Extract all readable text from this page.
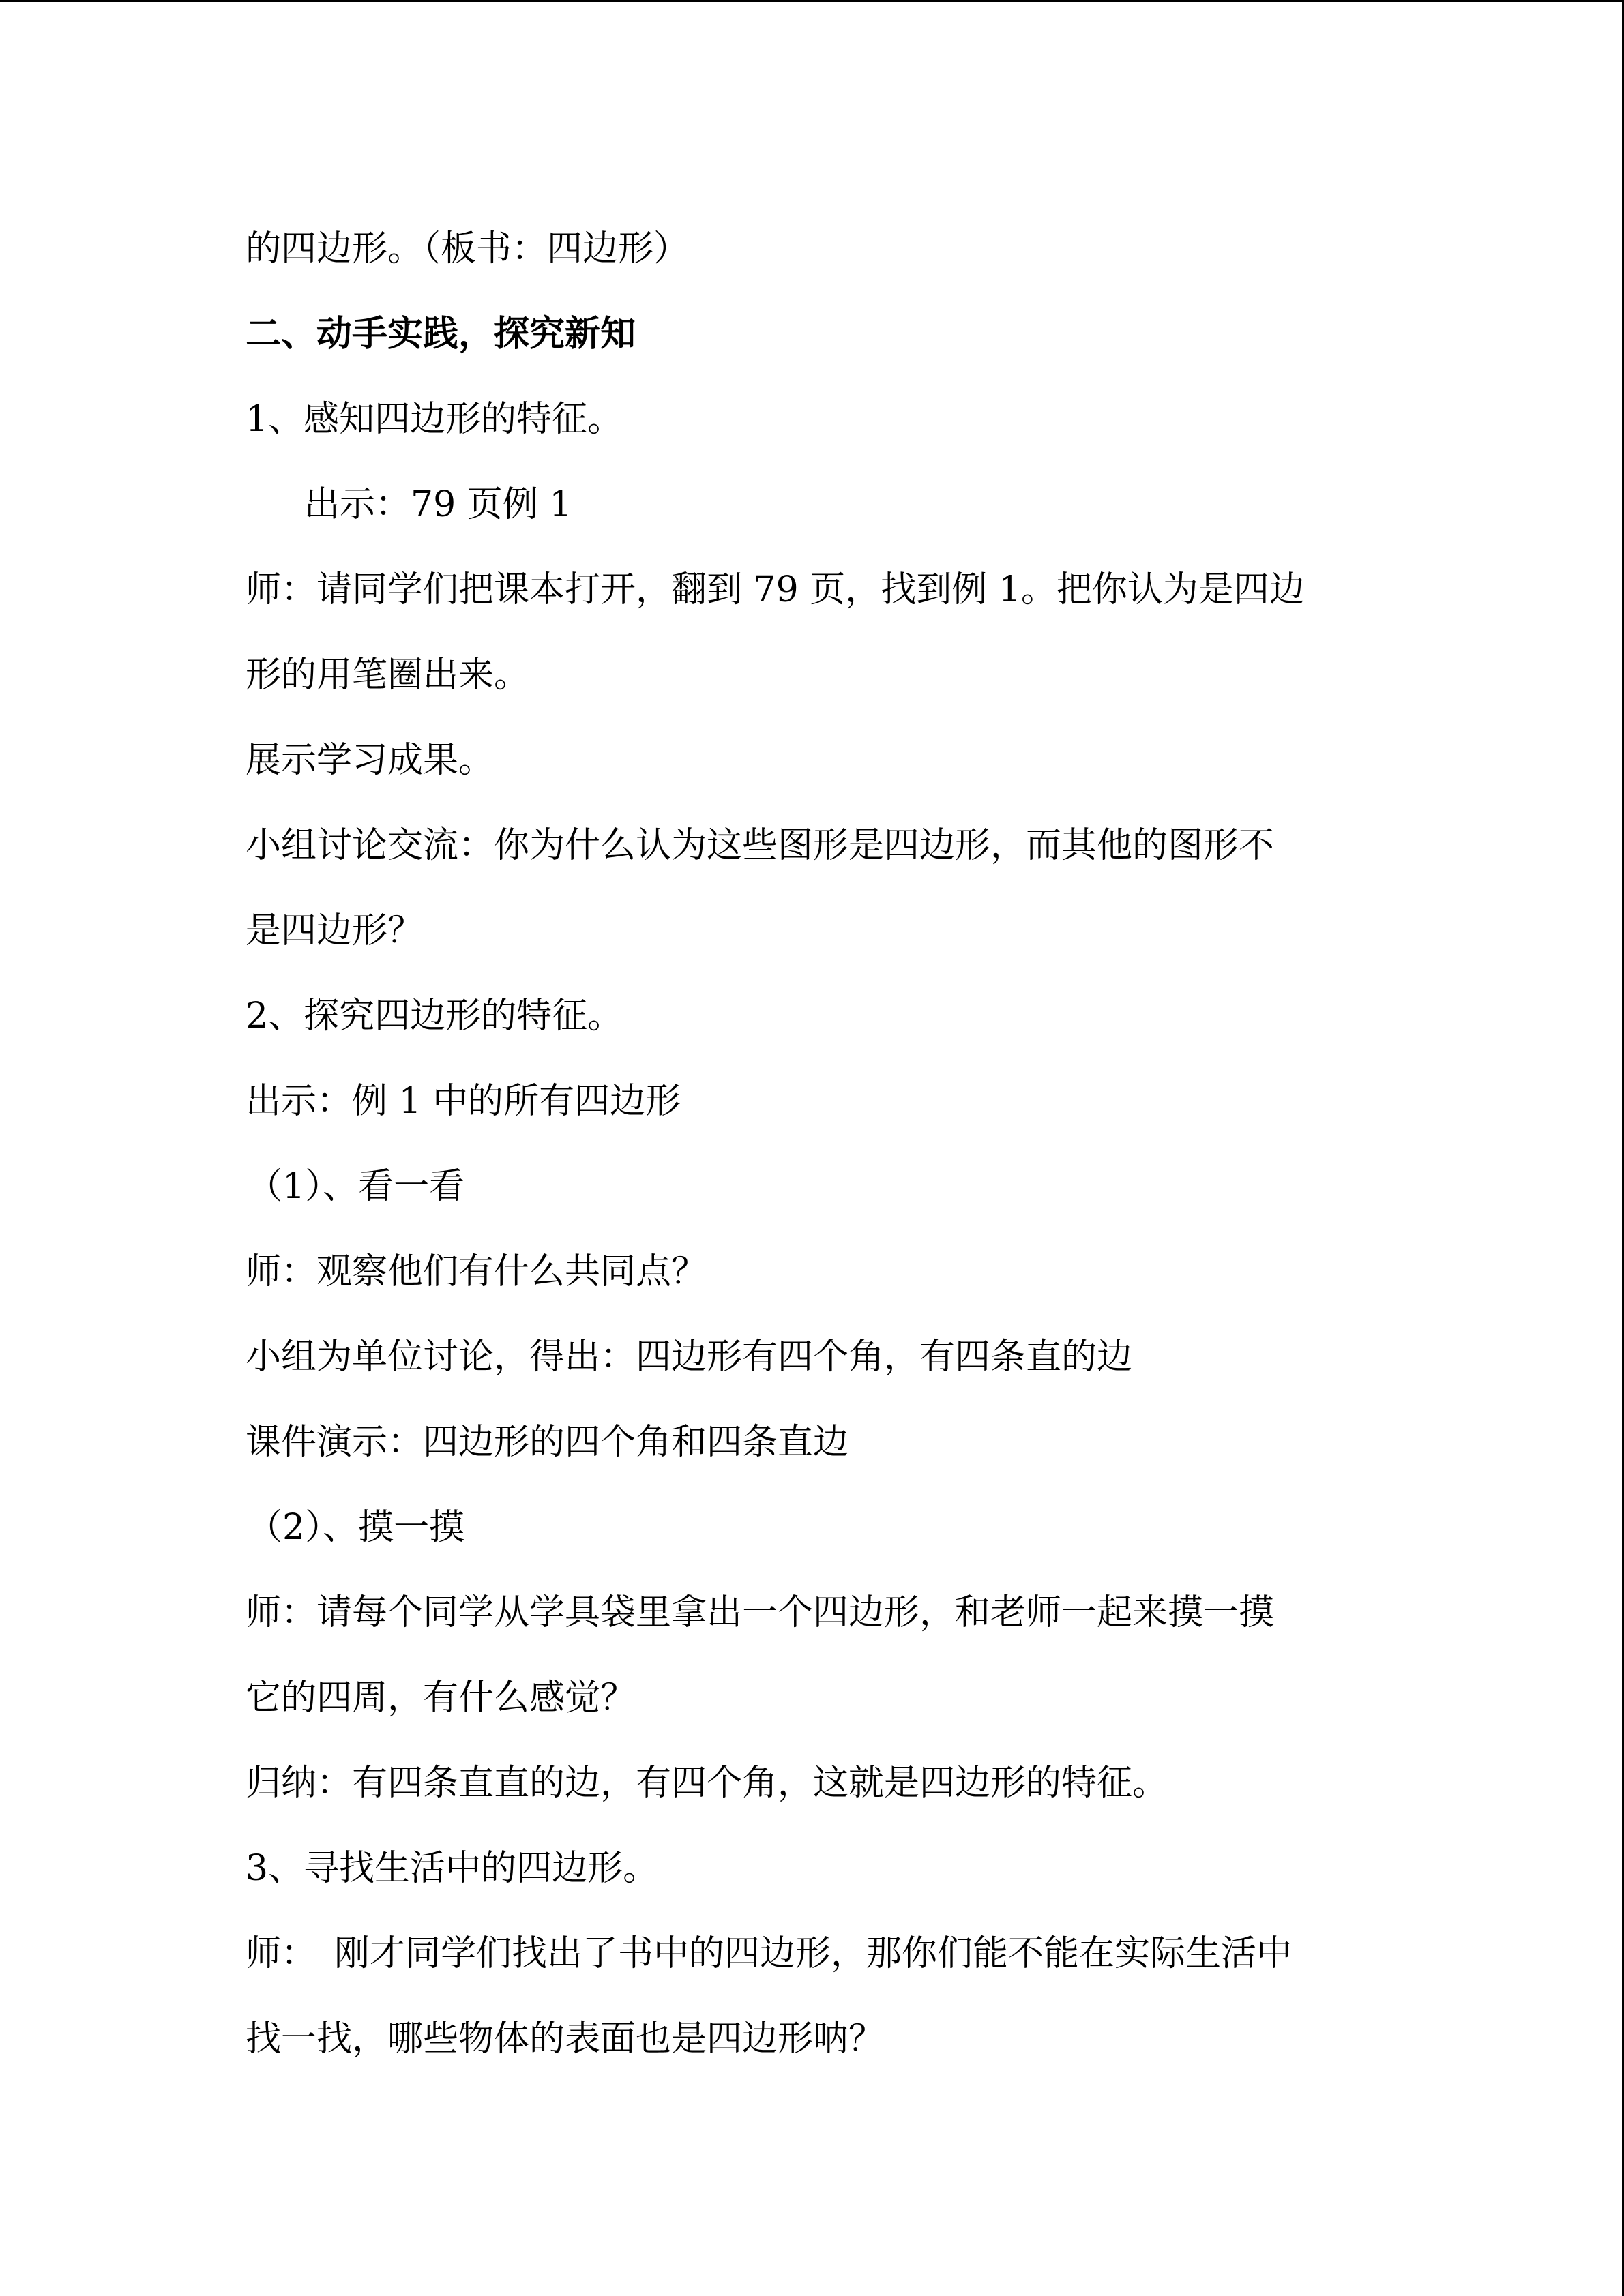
的四边形。（板书：四边形）
二、动手实践，探究新知
1、感知四边形的特征。
出示：79 页例 1
师：请同学们把课本打开，翻到 79 页，找到例 1。把你认为是四边
形的用笔圈出来。
展示学习成果。
小组讨论交流：你为什么认为这些图形是四边形，而其他的图形不
是四边形？
2、探究四边形的特征。
出示：例 1 中的所有四边形
（1）、看一看
师：观察他们有什么共同点？
小组为单位讨论，得出：四边形有四个角，有四条直的边
课件演示：四边形的四个角和四条直边
（2）、摸一摸
师：请每个同学从学具袋里拿出一个四边形，和老师一起来摸一摸
它的四周，有什么感觉？
归纳：有四条直直的边，有四个角，这就是四边形的特征。
3、寻找生活中的四边形。
师：　刚才同学们找出了书中的四边形，那你们能不能在实际生活中
找一找，哪些物体的表面也是四边形呐？
